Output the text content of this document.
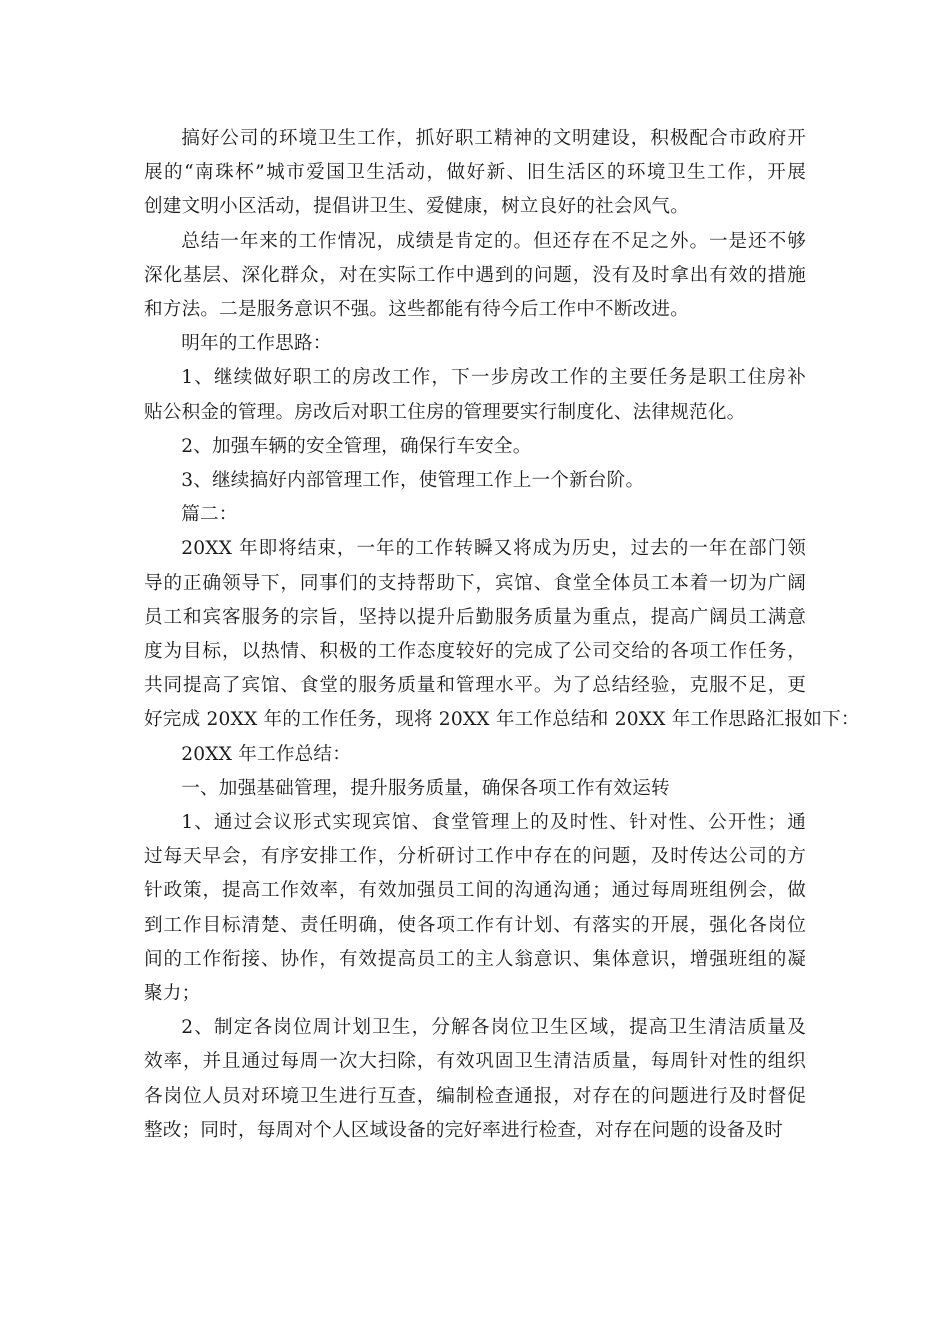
搞好公司的环境卫生工作，抓好职工精神的文明建设，积极配合市政府开
展的“南珠杯”城市爱国卫生活动，做好新、旧生活区的环境卫生工作，开展
创建文明小区活动，提倡讲卫生、爱健康，树立良好的社会风气。
总结一年来的工作情况，成绩是肯定的。但还存在不足之外。一是还不够
深化基层、深化群众，对在实际工作中遇到的问题，没有及时拿出有效的措施
和方法。二是服务意识不强。这些都能有待今后工作中不断改进。
明年的工作思路：
1、继续做好职工的房改工作，下一步房改工作的主要任务是职工住房补
贴公积金的管理。房改后对职工住房的管理要实行制度化、法律规范化。
2、加强车辆的安全管理，确保行车安全。
3、继续搞好内部管理工作，使管理工作上一个新台阶。
篇二：
20XX 年即将结束，一年的工作转瞬又将成为历史，过去的一年在部门领
导的正确领导下，同事们的支持帮助下，宾馆、食堂全体员工本着一切为广阔
员工和宾客服务的宗旨，坚持以提升后勤服务质量为重点，提高广阔员工满意
度为目标，以热情、积极的工作态度较好的完成了公司交给的各项工作任务，
共同提高了宾馆、食堂的服务质量和管理水平。为了总结经验，克服不足，更
好完成 20XX 年的工作任务，现将 20XX 年工作总结和 20XX 年工作思路汇报如下：
20XX 年工作总结：
一、加强基础管理，提升服务质量，确保各项工作有效运转
1、通过会议形式实现宾馆、食堂管理上的及时性、针对性、公开性；通
过每天早会，有序安排工作，分析研讨工作中存在的问题，及时传达公司的方
针政策，提高工作效率，有效加强员工间的沟通沟通；通过每周班组例会，做
到工作目标清楚、责任明确，使各项工作有计划、有落实的开展，强化各岗位
间的工作衔接、协作，有效提高员工的主人翁意识、集体意识，增强班组的凝
聚力；
2、制定各岗位周计划卫生，分解各岗位卫生区域，提高卫生清洁质量及
效率，并且通过每周一次大扫除，有效巩固卫生清洁质量，每周针对性的组织
各岗位人员对环境卫生进行互查，编制检查通报，对存在的问题进行及时督促
整改；同时，每周对个人区域设备的完好率进行检查，对存在问题的设备及时
